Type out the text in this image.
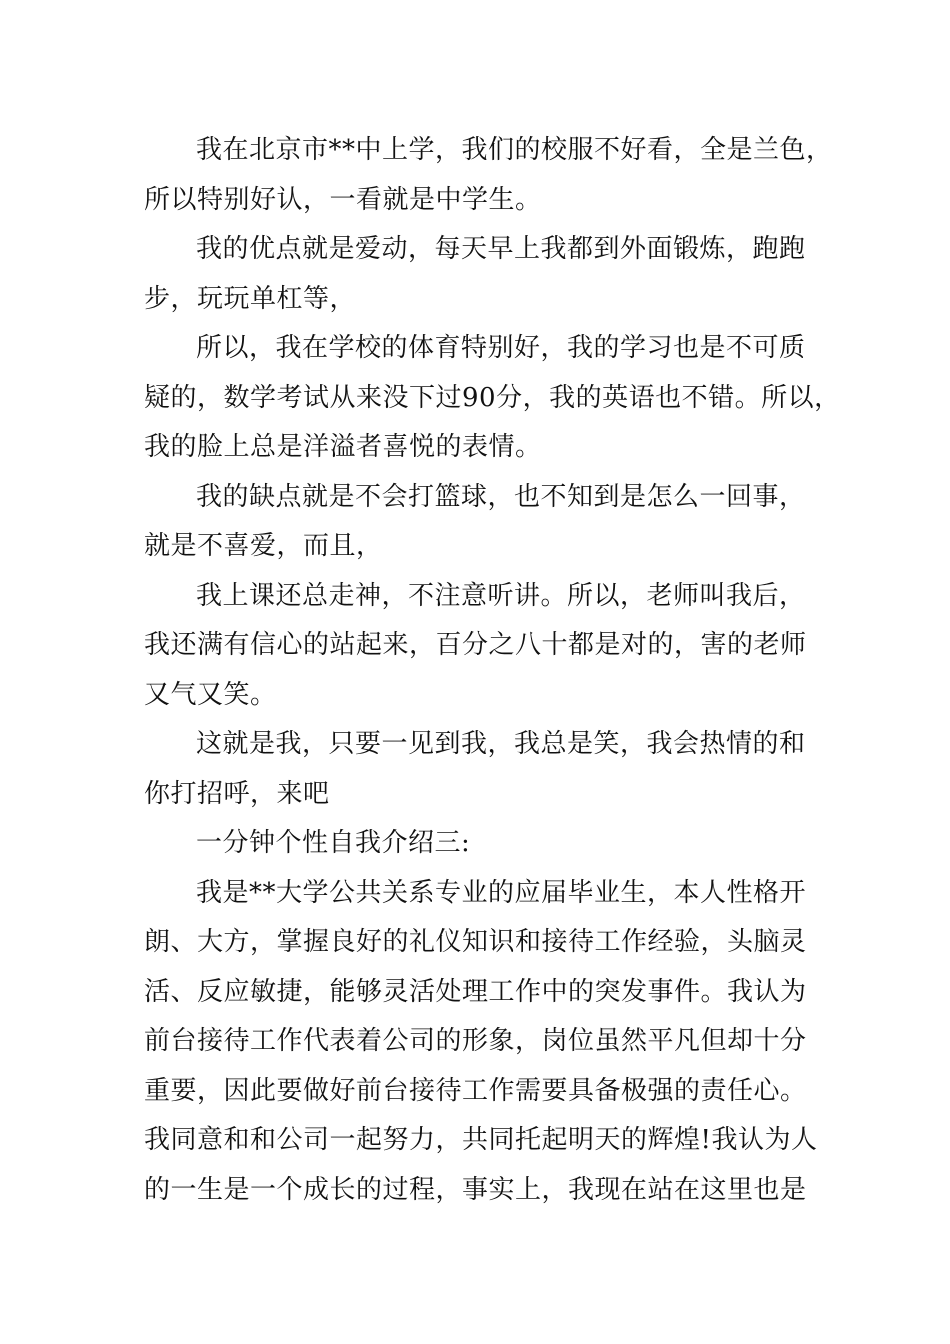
我在北京市**中上学，我们的校服不好看，全是兰色，
所以特别好认，一看就是中学生。
我的优点就是爱动，每天早上我都到外面锻炼，跑跑
步，玩玩单杠等，
所以，我在学校的体育特别好，我的学习也是不可质
疑的，数学考试从来没下过90分，我的英语也不错。所以，
我的脸上总是洋溢者喜悦的表情。
我的缺点就是不会打篮球，也不知到是怎么一回事，
就是不喜爱，而且，
我上课还总走神，不注意听讲。所以，老师叫我后，
我还满有信心的站起来，百分之八十都是对的，害的老师
又气又笑。
这就是我，只要一见到我，我总是笑，我会热情的和
你打招呼，来吧
一分钟个性自我介绍三:
我是**大学公共关系专业的应届毕业生，本人性格开
朗、大方，掌握良好的礼仪知识和接待工作经验，头脑灵
活、反应敏捷，能够灵活处理工作中的突发事件。我认为
前台接待工作代表着公司的形象，岗位虽然平凡但却十分
重要，因此要做好前台接待工作需要具备极强的责任心。
我同意和和公司一起努力，共同托起明天的辉煌!我认为人
的一生是一个成长的过程，事实上，我现在站在这里也是
